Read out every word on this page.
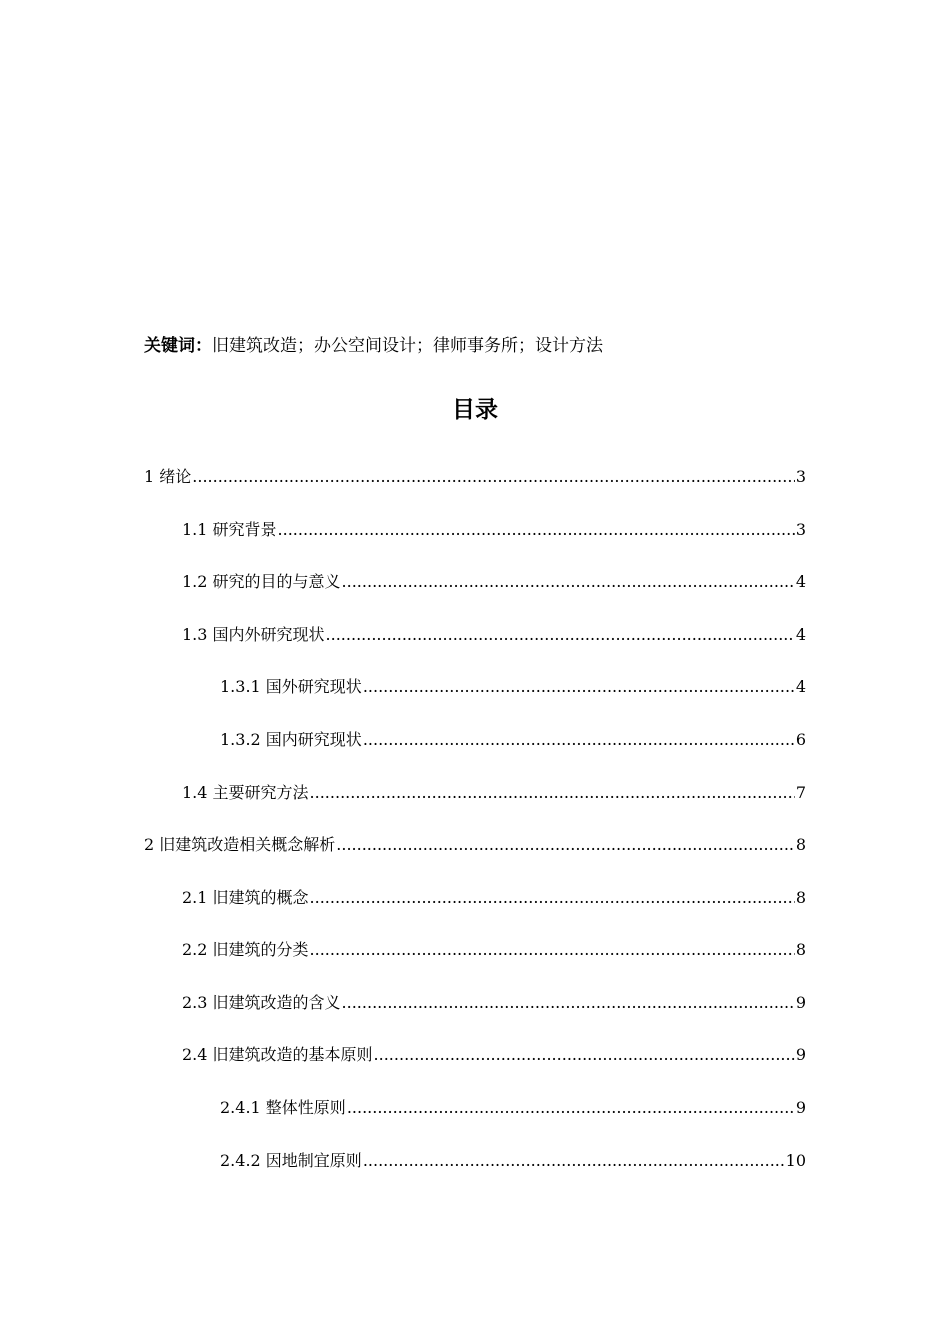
关键词：旧建筑改造；办公空间设计；律师事务所；设计方法
目录
1 绪论 .....	3
1.1 研究背景 .....	3
1.2 研究的目的与意义 .....	4
1.3 国内外研究现状 .....	4
1.3.1 国外研究现状 .....	4
1.3.2 国内研究现状 .....	6
1.4 主要研究方法 .....	7
2 旧建筑改造相关概念解析 .....	8
2.1 旧建筑的概念 .....	8
2.2 旧建筑的分类 .....	8
2.3 旧建筑改造的含义 .....	9
2.4 旧建筑改造的基本原则 .....	9
2.4.1 整体性原则 .....	9
2.4.2 因地制宜原则 .....	10
